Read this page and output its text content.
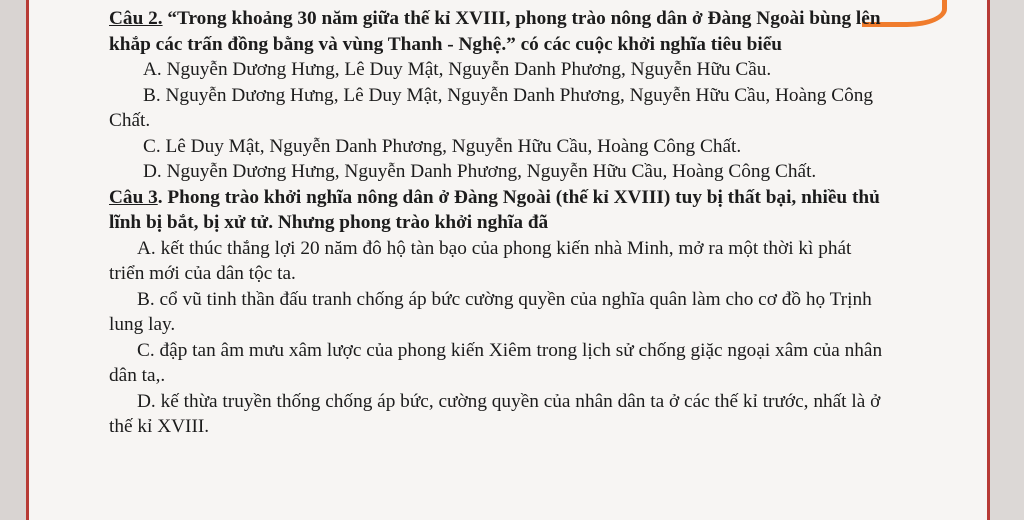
Câu 2. “Trong khoảng 30 năm giữa thế kỉ XVIII, phong trào nông dân ở Đàng Ngoài bùng lên khắp các trấn đồng bằng và vùng Thanh - Nghệ.” có các cuộc khởi nghĩa tiêu biểu

A. Nguyễn Dương Hưng, Lê Duy Mật, Nguyễn Danh Phương, Nguyễn Hữu Cầu.

B. Nguyễn Dương Hưng, Lê Duy Mật, Nguyễn Danh Phương, Nguyễn Hữu Cầu, Hoàng Công Chất.

C. Lê Duy Mật, Nguyễn Danh Phương, Nguyễn Hữu Cầu, Hoàng Công Chất.

D. Nguyễn Dương Hưng, Nguyễn Danh Phương, Nguyễn Hữu Cầu, Hoàng Công Chất.

Câu 3. Phong trào khởi nghĩa nông dân ở Đàng Ngoài (thế kỉ XVIII) tuy bị thất bại, nhiều thủ lĩnh bị bắt, bị xử tử. Nhưng phong trào khởi nghĩa đã

A. kết thúc thắng lợi 20 năm đô hộ tàn bạo của phong kiến nhà Minh, mở ra một thời kì phát triển mới của dân tộc ta.

B. cổ vũ tinh thần đấu tranh chống áp bức cường quyền của nghĩa quân làm cho cơ đồ họ Trịnh lung lay.

C. đập tan âm mưu xâm lược của phong kiến Xiêm trong lịch sử chống giặc ngoại xâm của nhân dân ta,.

D. kế thừa truyền thống chống áp bức, cường quyền của nhân dân ta ở các thế kỉ trước, nhất là ở thế kỉ XVIII.
